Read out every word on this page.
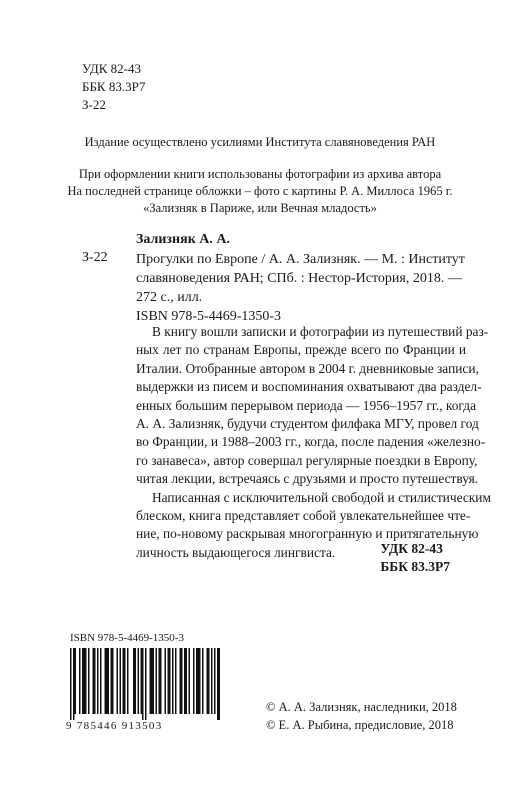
УДК 82-43
ББК 83.3Р7
З-22
Издание осуществлено усилиями Института славяноведения РАН
При оформлении книги использованы фотографии из архива автора
На последней странице обложки – фото с картины Р. А. Миллоса 1965 г.
«Зализняк в Париже, или Вечная младость»
Зализняк А. А.
З-22 Прогулки по Европе / А. А. Зализняк. — М. : Институт
славяноведения РАН; СПб. : Нестор-История, 2018. —
272 с., илл.
ISBN 978-5-4469-1350-3
В книгу вошли записки и фотографии из путешествий раз-
ных лет по странам Европы, прежде всего по Франции и
Италии. Отобранные автором в 2004 г. дневниковые записи,
выдержки из писем и воспоминания охватывают два раздел-
енных большим перерывом периода — 1956–1957 гг., когда
А. А. Зализняк, будучи студентом филфака МГУ, провел год
во Франции, и 1988–2003 гг., когда, после падения «железно-
го занавеса», автор совершал регулярные поездки в Европу,
читая лекции, встречаясь с друзьями и просто путешествуя.
Написанная с исключительной свободой и стилистическим
блеском, книга представляет собой увлекательнейшее чте-
ние, по-новому раскрывая многогранную и притягательную
личность выдающегося лингвиста.	УДК 82-43
ББК 83.3Р7
ISBN 978-5-4469-1350-3
9 785446 913503
© А. А. Зализняк, наследники, 2018
© Е. А. Рыбина, предисловие, 2018
